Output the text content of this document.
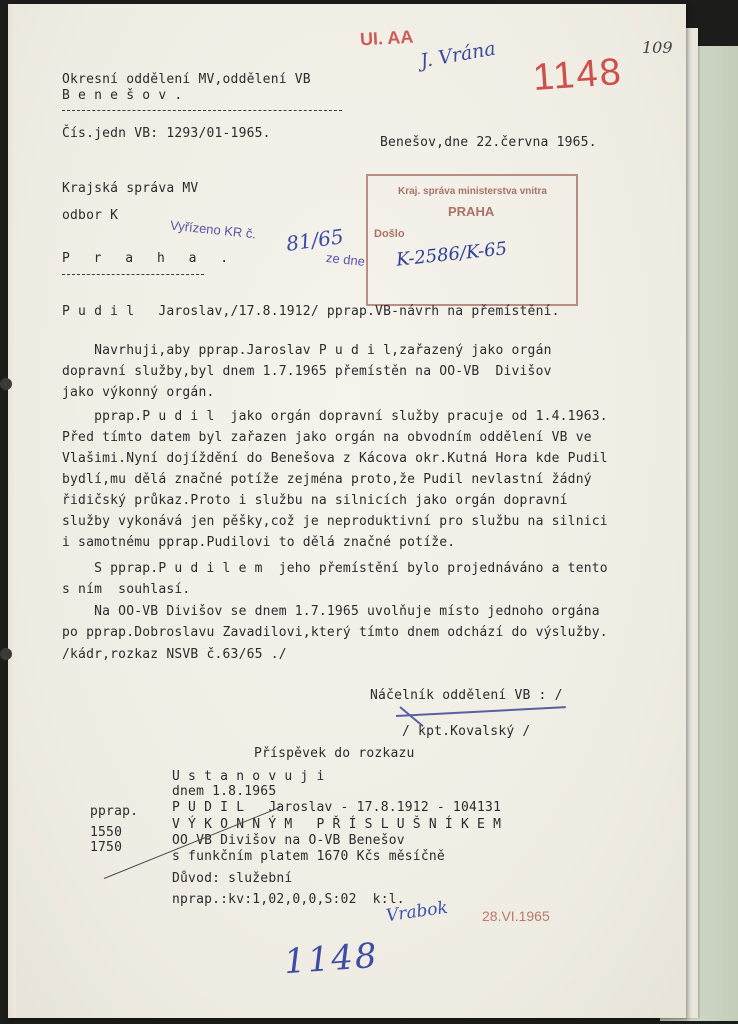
UI. AA J. Vrána 1148
109
Okresní oddělení MV,oddělení VB
B e n e š o v .
Čís.jedn VB: 1293/01-1965.
Benešov,dne 22.června 1965.
Krajská správa MV
odbor K
P r a h a .
Kraj. správa ministerstva vnitra
PRAHA
Došlo
Vyřízeno KR č.
ze dne
81/65	K-2586/K-65
P u d i l   Jaroslav,/17.8.1912/ pprap.VB-návrh na přemístění.
Navrhuji,aby pprap.Jaroslav P u d i l,zařazený jako orgán
dopravní služby,byl dnem 1.7.1965 přemístěn na OO-VB  Divišov
jako výkonný orgán.
pprap.P u d i l  jako orgán dopravní služby pracuje od 1.4.1963.
Před tímto datem byl zařazen jako orgán na obvodním oddělení VB ve
Vlašimi.Nyní dojíždění do Benešova z Kácova okr.Kutná Hora kde Pudil
bydlí,mu dělá značné potíže zejména proto,že Pudil nevlastní žádný
řidičský průkaz.Proto i službu na silnicích jako orgán dopravní
služby vykonává jen pěšky,což je neproduktivní pro službu na silnici
i samotnému pprap.Pudilovi to dělá značné potíže.
S pprap.P u d i l e m  jeho přemístění bylo projednáváno a tento
s ním  souhlasí.
Na OO-VB Divišov se dnem 1.7.1965 uvolňuje místo jednoho orgána
po pprap.Dobroslavu Zavadilovi,který tímto dnem odchází do výslužby.
/kádr,rozkaz NSVB č.63/65 ./
Náčelník oddělení VB : /
/ kpt.Kovalský /
Příspěvek do rozkazu
U s t a n o v u j i
dnem 1.8.1965
pprap.	P U D I L   Jaroslav - 17.8.1912 - 104131
1550
V Ý K O N N Ý M   P Ř Í S L U Š N Í K E M
1750	OO VB Divišov na O-VB Benešov
s funkčním platem 1670 Kčs měsíčně
Důvod: služební
nprap.:kv:1,02,0,0,S:02  k:l.
Vrabok 28.VI.1965
1148
